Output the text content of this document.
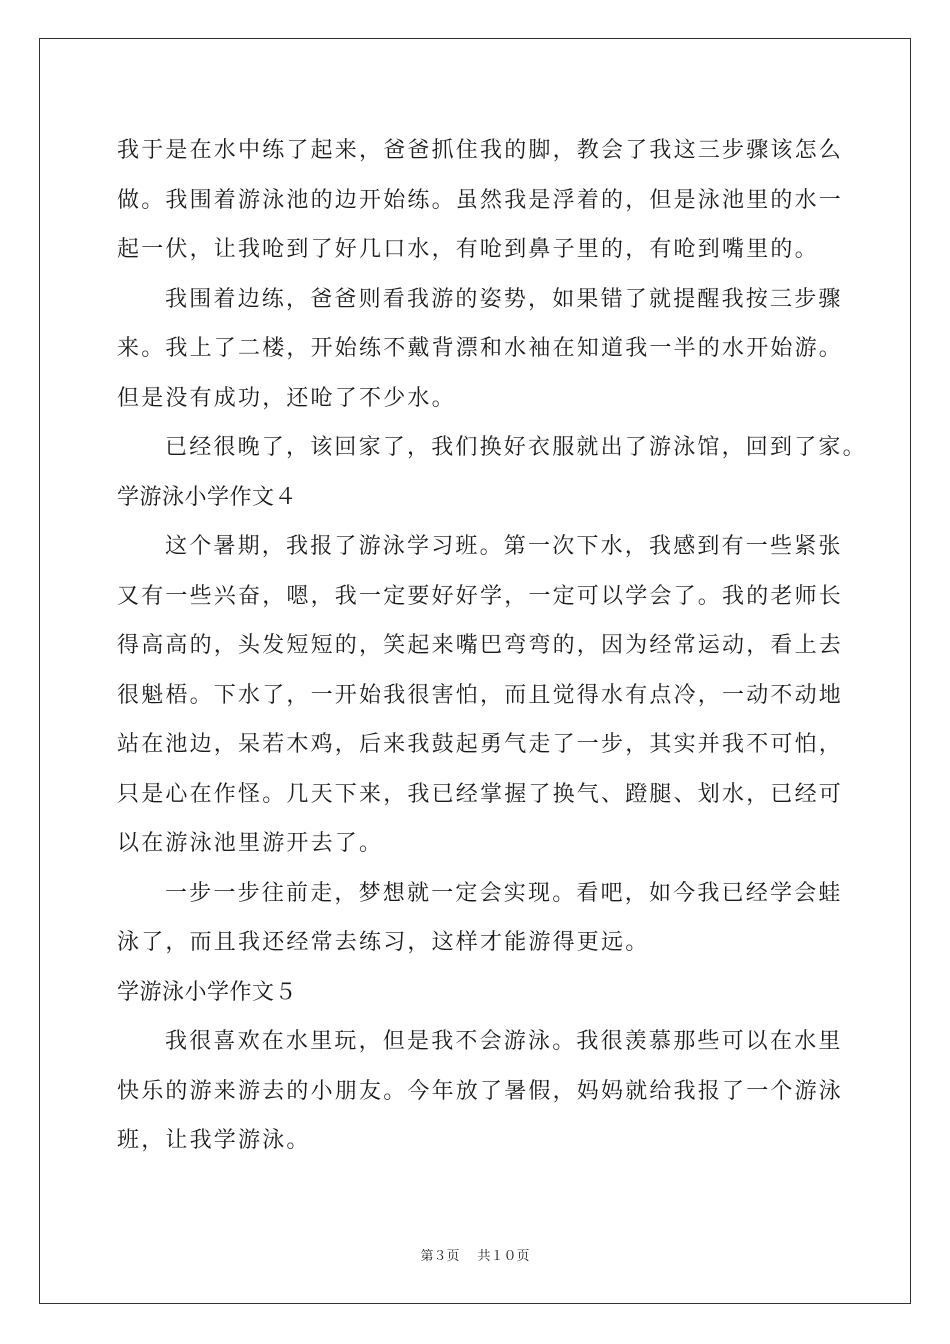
我于是在水中练了起来，爸爸抓住我的脚，教会了我这三步骤该怎么
做。我围着游泳池的边开始练。虽然我是浮着的，但是泳池里的水一
起一伏，让我呛到了好几口水，有呛到鼻子里的，有呛到嘴里的。
我围着边练，爸爸则看我游的姿势，如果错了就提醒我按三步骤
来。我上了二楼，开始练不戴背漂和水袖在知道我一半的水开始游。
但是没有成功，还呛了不少水。
已经很晚了，该回家了，我们换好衣服就出了游泳馆，回到了家。
学游泳小学作文４
这个暑期，我报了游泳学习班。第一次下水，我感到有一些紧张
又有一些兴奋，嗯，我一定要好好学，一定可以学会了。我的老师长
得高高的，头发短短的，笑起来嘴巴弯弯的，因为经常运动，看上去
很魁梧。下水了，一开始我很害怕，而且觉得水有点冷，一动不动地
站在池边，呆若木鸡，后来我鼓起勇气走了一步，其实并我不可怕，
只是心在作怪。几天下来，我已经掌握了换气、蹬腿、划水，已经可
以在游泳池里游开去了。
一步一步往前走，梦想就一定会实现。看吧，如今我已经学会蛙
泳了，而且我还经常去练习，这样才能游得更远。
学游泳小学作文５
我很喜欢在水里玩，但是我不会游泳。我很羡慕那些可以在水里
快乐的游来游去的小朋友。今年放了暑假，妈妈就给我报了一个游泳
班，让我学游泳。
第３页 共１０页
